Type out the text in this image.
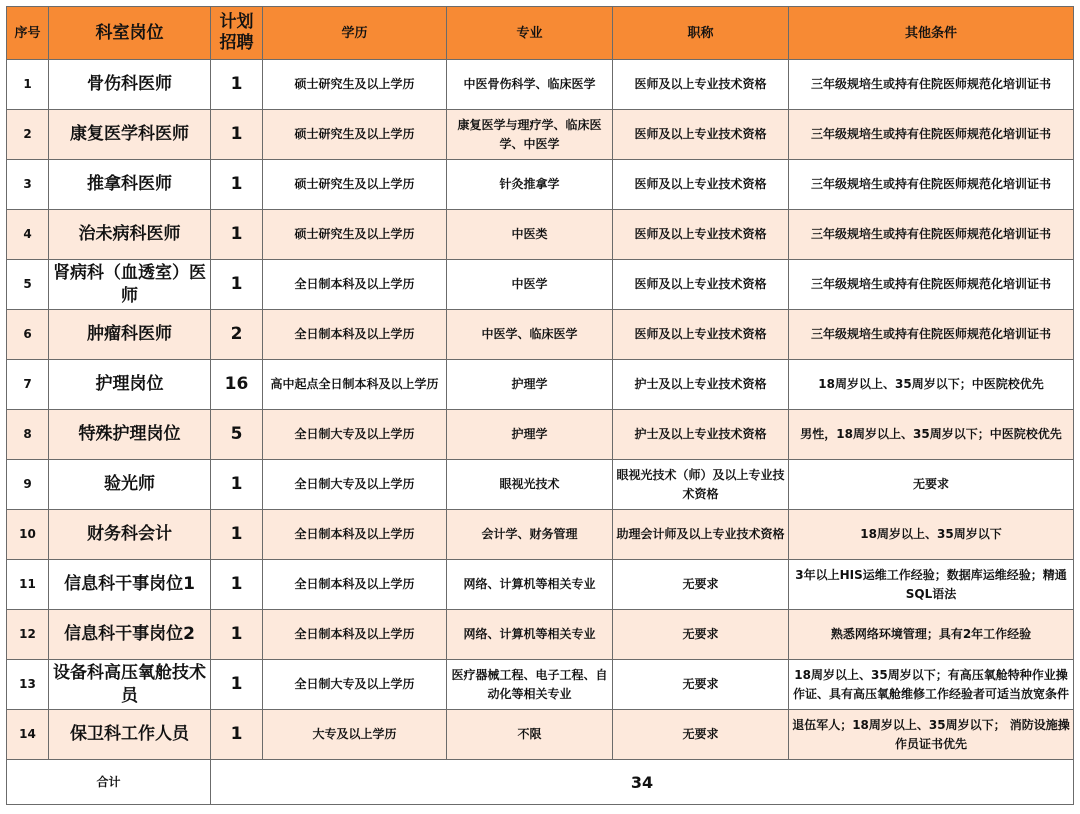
序号	科室岗位	计划招聘	学历	专业	职称	其他条件
1	骨伤科医师	1	硕士研究生及以上学历	中医骨伤科学、临床医学	医师及以上专业技术资格	三年级规培生或持有住院医师规范化培训证书
2	康复医学科医师	1	硕士研究生及以上学历	康复医学与理疗学、临床医学、中医学	医师及以上专业技术资格	三年级规培生或持有住院医师规范化培训证书
3	推拿科医师	1	硕士研究生及以上学历	针灸推拿学	医师及以上专业技术资格	三年级规培生或持有住院医师规范化培训证书
4	治未病科医师	1	硕士研究生及以上学历	中医类	医师及以上专业技术资格	三年级规培生或持有住院医师规范化培训证书
5	肾病科（血透室）医师	1	全日制本科及以上学历	中医学	医师及以上专业技术资格	三年级规培生或持有住院医师规范化培训证书
6	肿瘤科医师	2	全日制本科及以上学历	中医学、临床医学	医师及以上专业技术资格	三年级规培生或持有住院医师规范化培训证书
7	护理岗位	16	高中起点全日制本科及以上学历	护理学	护士及以上专业技术资格	18周岁以上、35周岁以下；中医院校优先
8	特殊护理岗位	5	全日制大专及以上学历	护理学	护士及以上专业技术资格	男性，18周岁以上、35周岁以下；中医院校优先
9	验光师	1	全日制大专及以上学历	眼视光技术	眼视光技术（师）及以上专业技术资格	无要求
10	财务科会计	1	全日制本科及以上学历	会计学、财务管理	助理会计师及以上专业技术资格	18周岁以上、35周岁以下
11	信息科干事岗位1	1	全日制本科及以上学历	网络、计算机等相关专业	无要求	3年以上HIS运维工作经验；数据库运维经验；精通SQL语法
12	信息科干事岗位2	1	全日制本科及以上学历	网络、计算机等相关专业	无要求	熟悉网络环境管理；具有2年工作经验
13	设备科高压氧舱技术员	1	全日制大专及以上学历	医疗器械工程、电子工程、自动化等相关专业	无要求	18周岁以上、35周岁以下；有高压氧舱特种作业操作证、具有高压氧舱维修工作经验者可适当放宽条件
14	保卫科工作人员	1	大专及以上学历	不限	无要求	退伍军人；18周岁以上、35周岁以下； 消防设施操作员证书优先
合计		34				
